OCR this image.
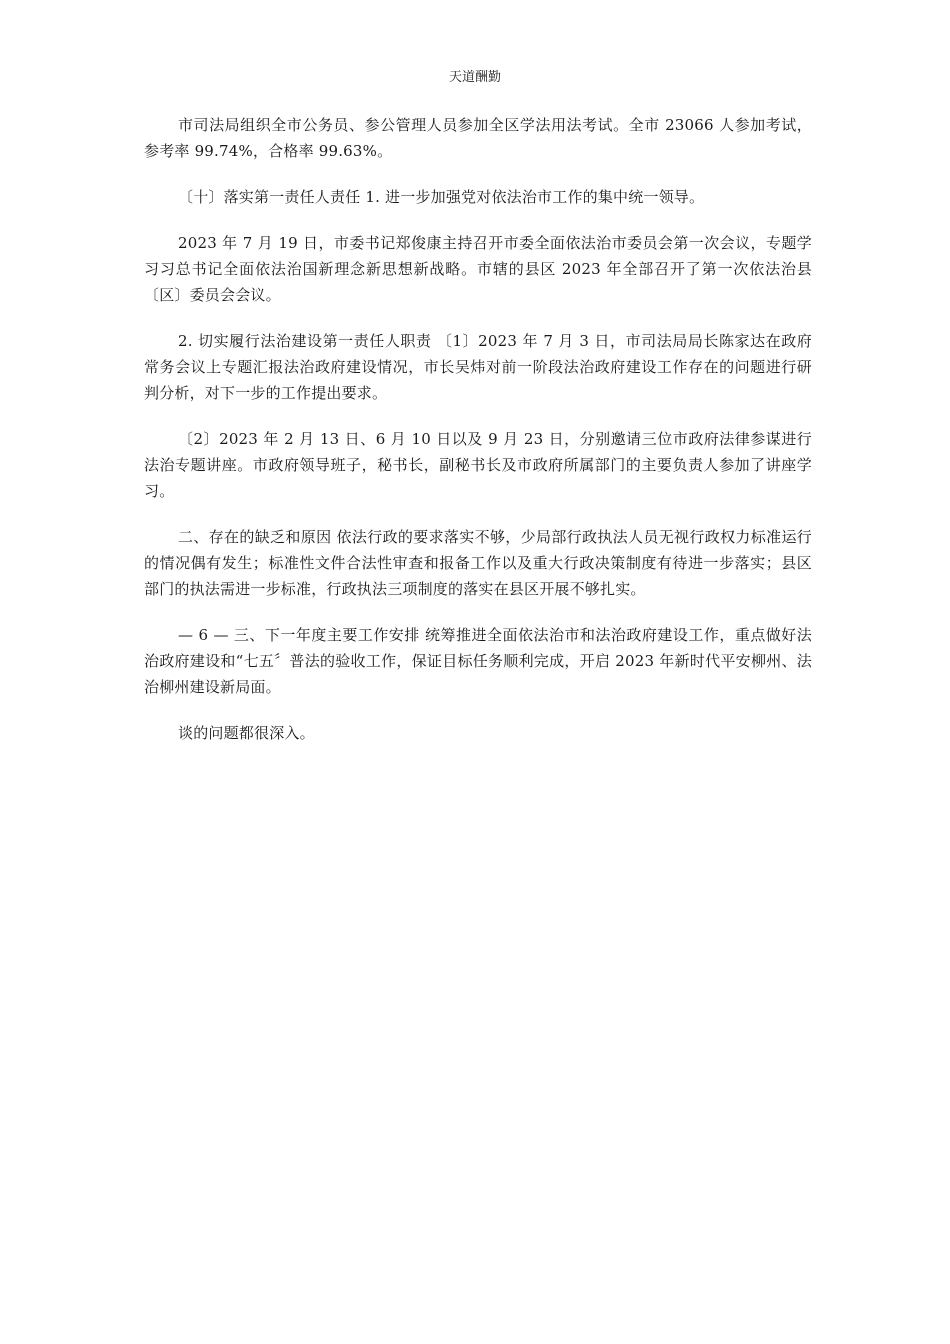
天道酬勤

市司法局组织全市公务员、参公管理人员参加全区学法用法考试。全市 23066 人参加考试，参考率 99.74%，合格率 99.63%。

〔十〕落实第一责任人责任 1. 进一步加强党对依法治市工作的集中统一领导。

2023 年 7 月 19 日，市委书记郑俊康主持召开市委全面依法治市委员会第一次会议，专题学习习总书记全面依法治国新理念新思想新战略。市辖的县区 2023 年全部召开了第一次依法治县〔区〕委员会会议。

2. 切实履行法治建设第一责任人职责 〔1〕2023 年 7 月 3 日，市司法局局长陈家达在政府常务会议上专题汇报法治政府建设情况，市长吴炜对前一阶段法治政府建设工作存在的问题进行研判分析，对下一步的工作提出要求。

〔2〕2023 年 2 月 13 日、6 月 10 日以及 9 月 23 日，分别邀请三位市政府法律参谋进行法治专题讲座。市政府领导班子，秘书长，副秘书长及市政府所属部门的主要负责人参加了讲座学习。

二、存在的缺乏和原因 依法行政的要求落实不够，少局部行政执法人员无视行政权力标准运行的情况偶有发生；标准性文件合法性审查和报备工作以及重大行政决策制度有待进一步落实；县区部门的执法需进一步标准，行政执法三项制度的落实在县区开展不够扎实。

— 6 — 三、下一年度主要工作安排 统筹推进全面依法治市和法治政府建设工作，重点做好法治政府建设和“七五〞普法的验收工作，保证目标任务顺利完成，开启 2023 年新时代平安柳州、法治柳州建设新局面。

谈的问题都很深入。
